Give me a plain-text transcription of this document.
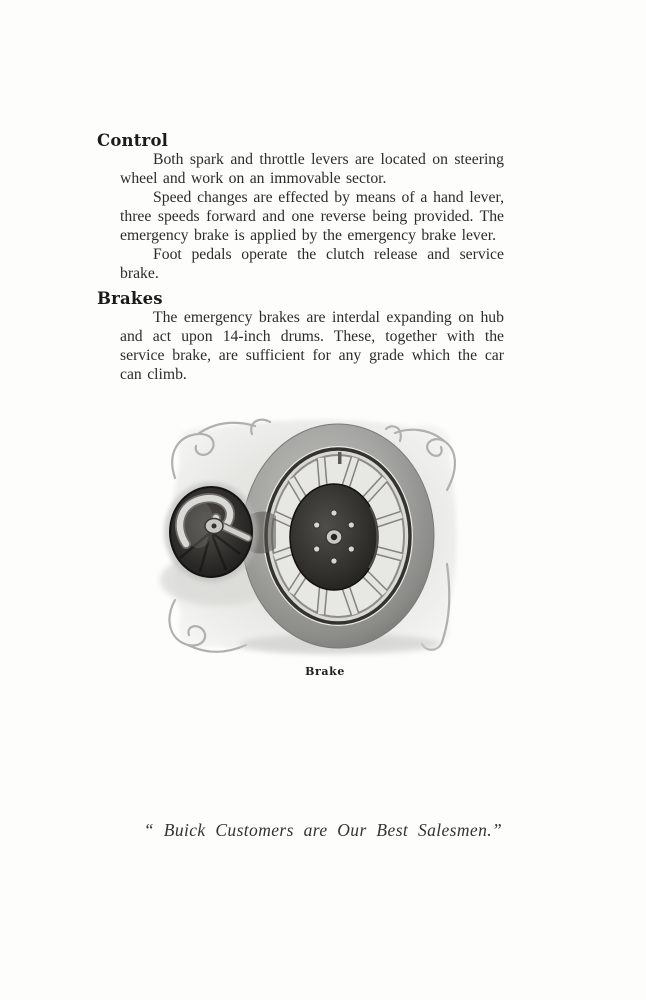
Control

Both spark and throttle levers are located on steering wheel and work on an immovable sector.

Speed changes are effected by means of a hand lever, three speeds forward and one reverse being provided. The emergency brake is applied by the emergency brake lever.

Foot pedals operate the clutch release and service brake.

Brakes

The emergency brakes are interdal expanding on hub and act upon 14-inch drums. These, together with the service brake, are sufficient for any grade which the car can climb.

Brake
“ Buick Customers are Our Best Salesmen.”
